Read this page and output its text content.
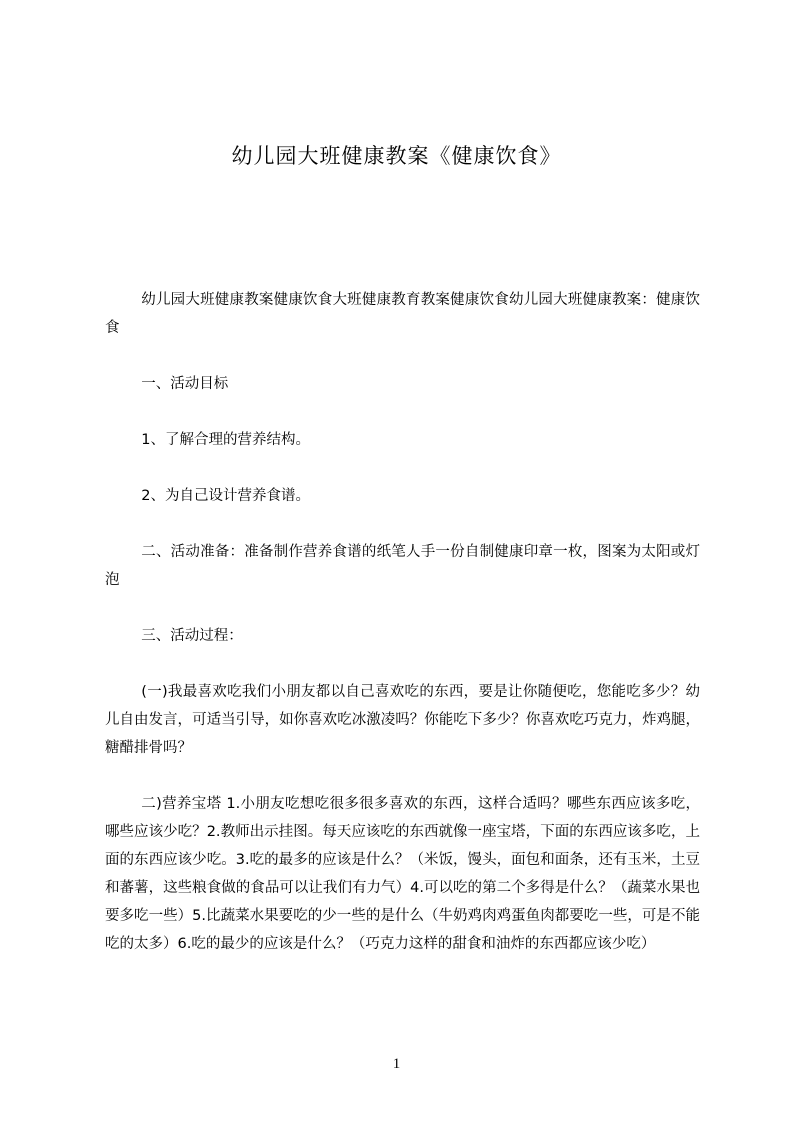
幼儿园大班健康教案《健康饮食》

幼儿园大班健康教案健康饮食大班健康教育教案健康饮食幼儿园大班健康教案：健康饮食

一、活动目标

1、了解合理的营养结构。

2、为自己设计营养食谱。

二、活动准备：准备制作营养食谱的纸笔人手一份自制健康印章一枚，图案为太阳或灯泡

三、活动过程：

(一)我最喜欢吃我们小朋友都以自己喜欢吃的东西，要是让你随便吃，您能吃多少？幼儿自由发言，可适当引导，如你喜欢吃冰激凌吗？你能吃下多少？你喜欢吃巧克力，炸鸡腿，糖醋排骨吗？

二)营养宝塔 1.小朋友吃想吃很多很多喜欢的东西，这样合适吗？哪些东西应该多吃，哪些应该少吃？2.教师出示挂图。每天应该吃的东西就像一座宝塔，下面的东西应该多吃，上面的东西应该少吃。3.吃的最多的应该是什么？（米饭，馒头，面包和面条，还有玉米，土豆和蕃薯，这些粮食做的食品可以让我们有力气）4.可以吃的第二个多得是什么？（蔬菜水果也要多吃一些）5.比蔬菜水果要吃的少一些的是什么（牛奶鸡肉鸡蛋鱼肉都要吃一些，可是不能吃的太多）6.吃的最少的应该是什么？（巧克力这样的甜食和油炸的东西都应该少吃）

1
